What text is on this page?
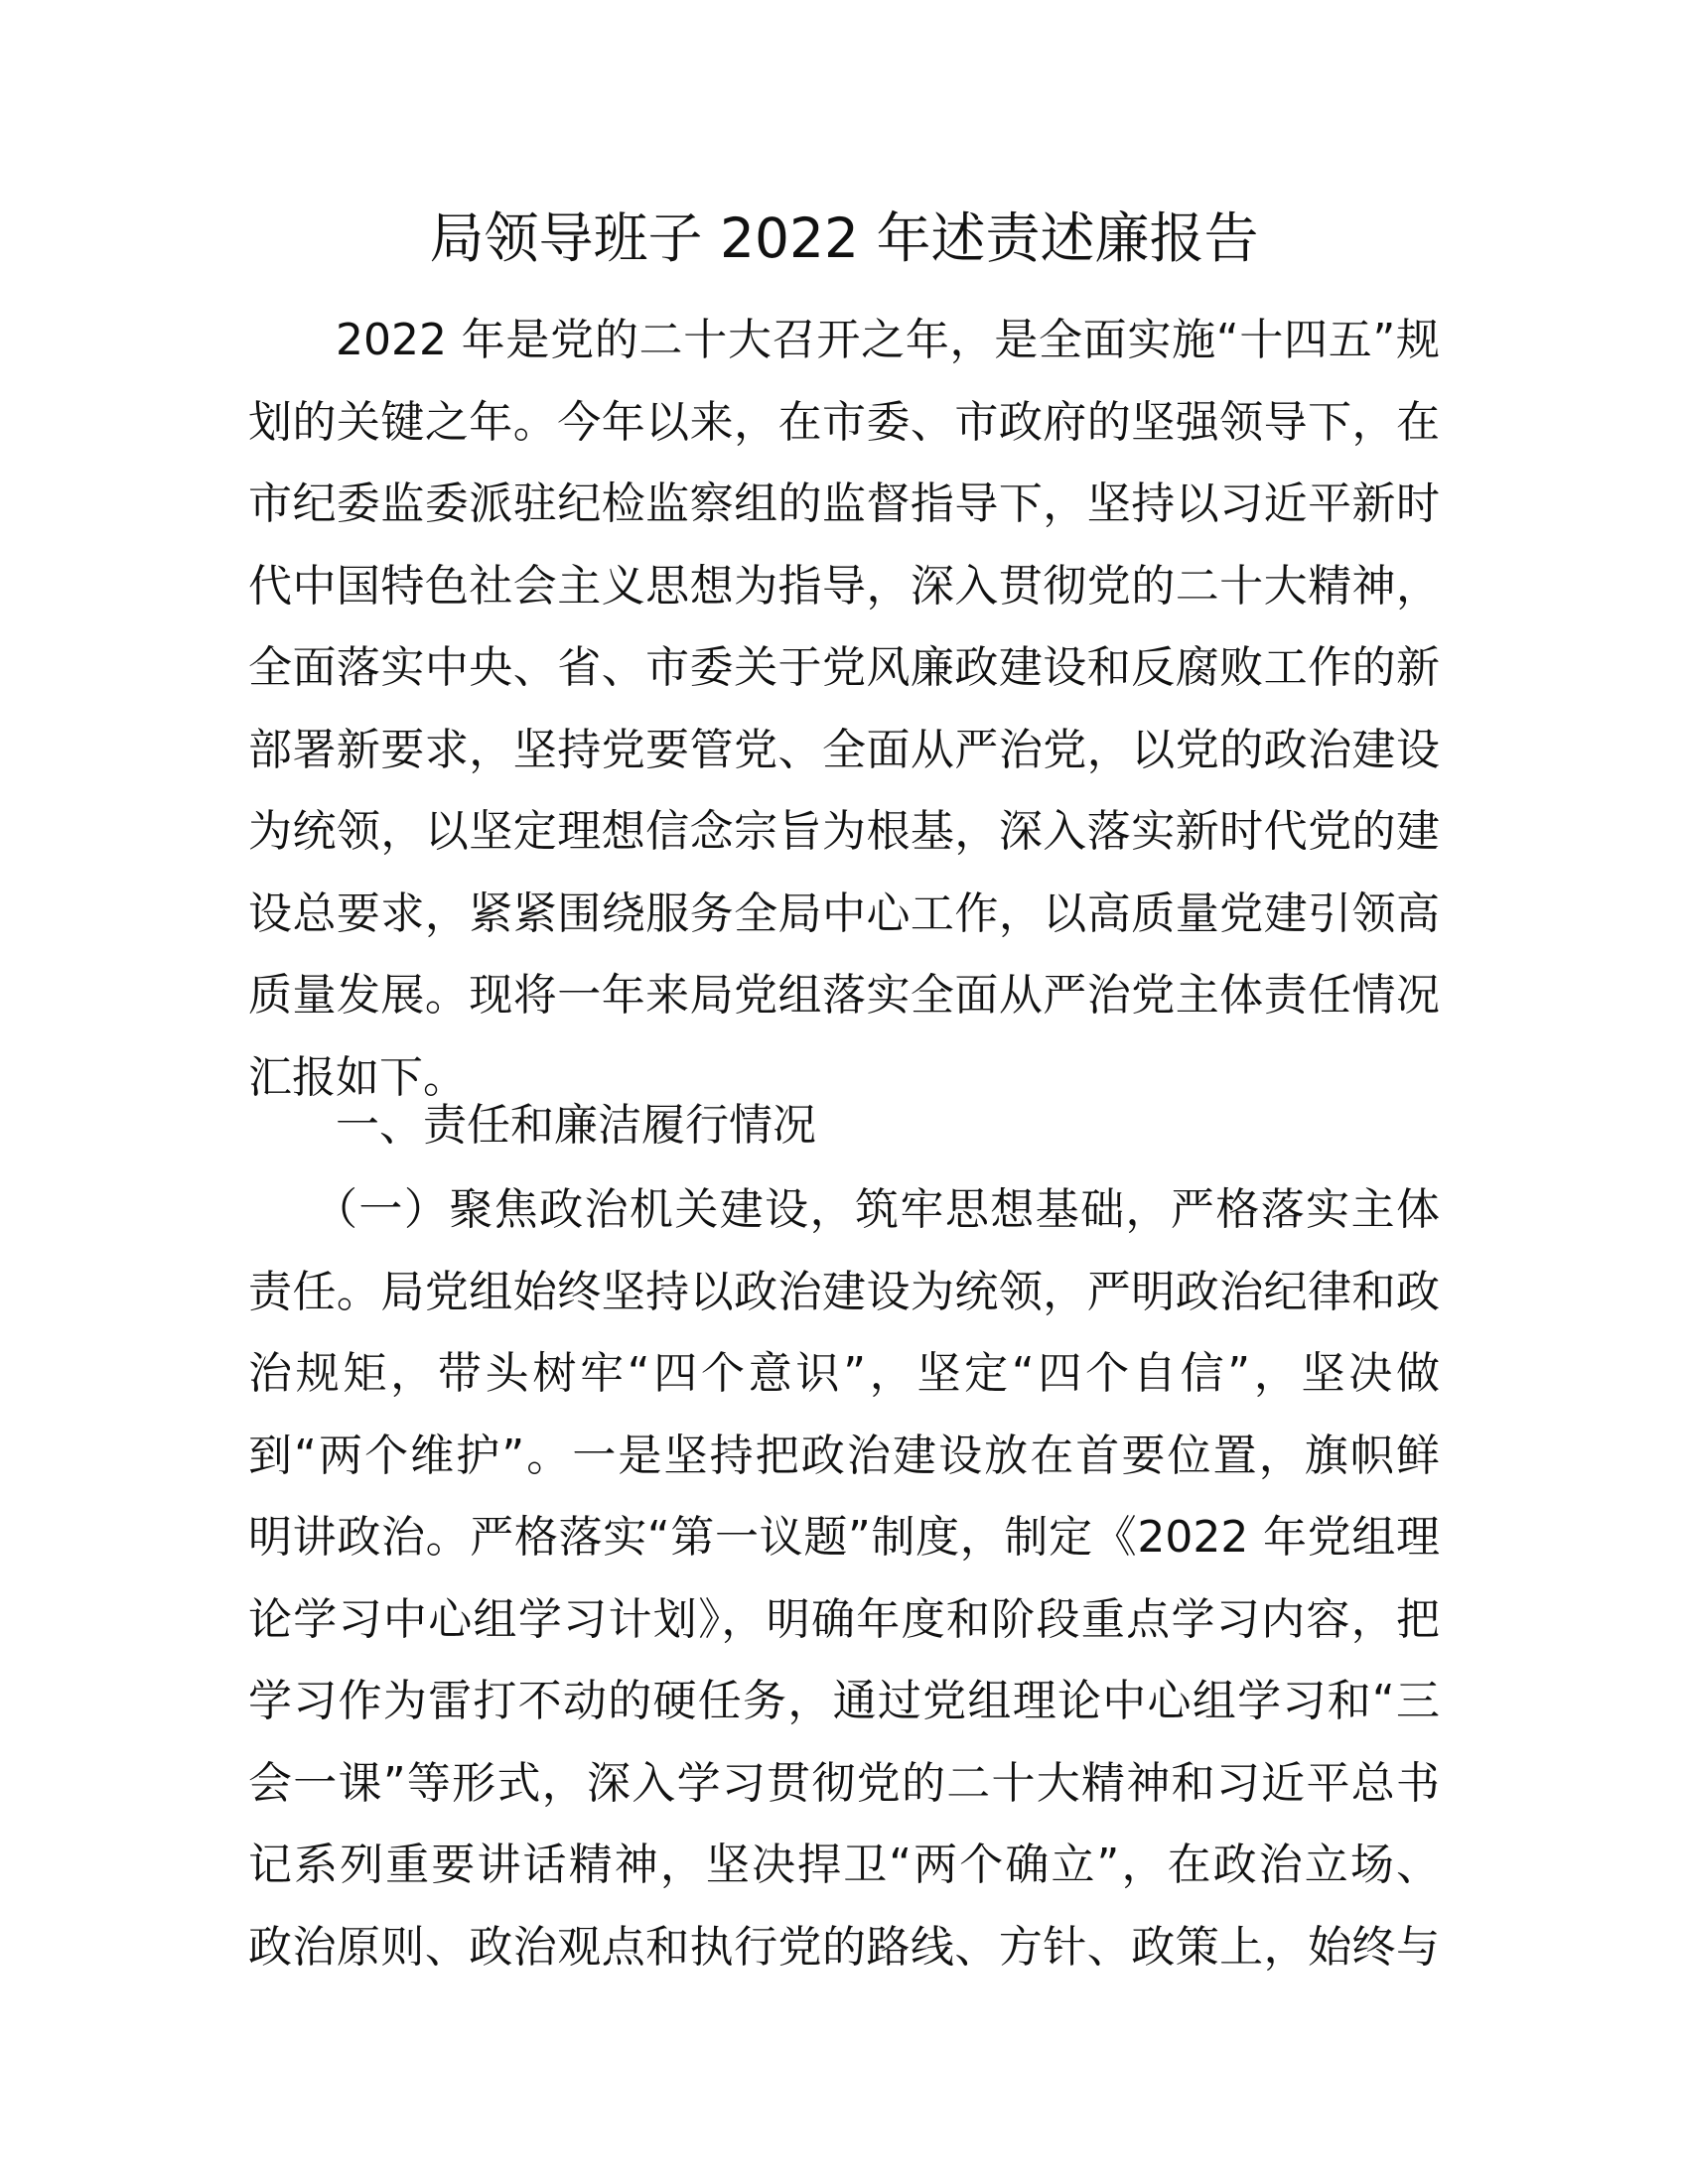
局领导班子 2022 年述责述廉报告
2022 年是党的二十大召开之年，是全面实施“十四五”规
划的关键之年。今年以来，在市委、市政府的坚强领导下，在
市纪委监委派驻纪检监察组的监督指导下，坚持以习近平新时
代中国特色社会主义思想为指导，深入贯彻党的二十大精神，
全面落实中央、省、市委关于党风廉政建设和反腐败工作的新
部署新要求，坚持党要管党、全面从严治党，以党的政治建设
为统领，以坚定理想信念宗旨为根基，深入落实新时代党的建
设总要求，紧紧围绕服务全局中心工作，以高质量党建引领高
质量发展。现将一年来局党组落实全面从严治党主体责任情况
汇报如下。
一、责任和廉洁履行情况
（一）聚焦政治机关建设，筑牢思想基础，严格落实主体
责任。局党组始终坚持以政治建设为统领，严明政治纪律和政
治规矩，带头树牢“四个意识”，坚定“四个自信”，坚决做
到“两个维护”。一是坚持把政治建设放在首要位置，旗帜鲜
明讲政治。严格落实“第一议题”制度，制定《2022 年党组理
论学习中心组学习计划》，明确年度和阶段重点学习内容，把
学习作为雷打不动的硬任务，通过党组理论中心组学习和“三
会一课”等形式，深入学习贯彻党的二十大精神和习近平总书
记系列重要讲话精神，坚决捍卫“两个确立”，在政治立场、
政治原则、政治观点和执行党的路线、方针、政策上，始终与
